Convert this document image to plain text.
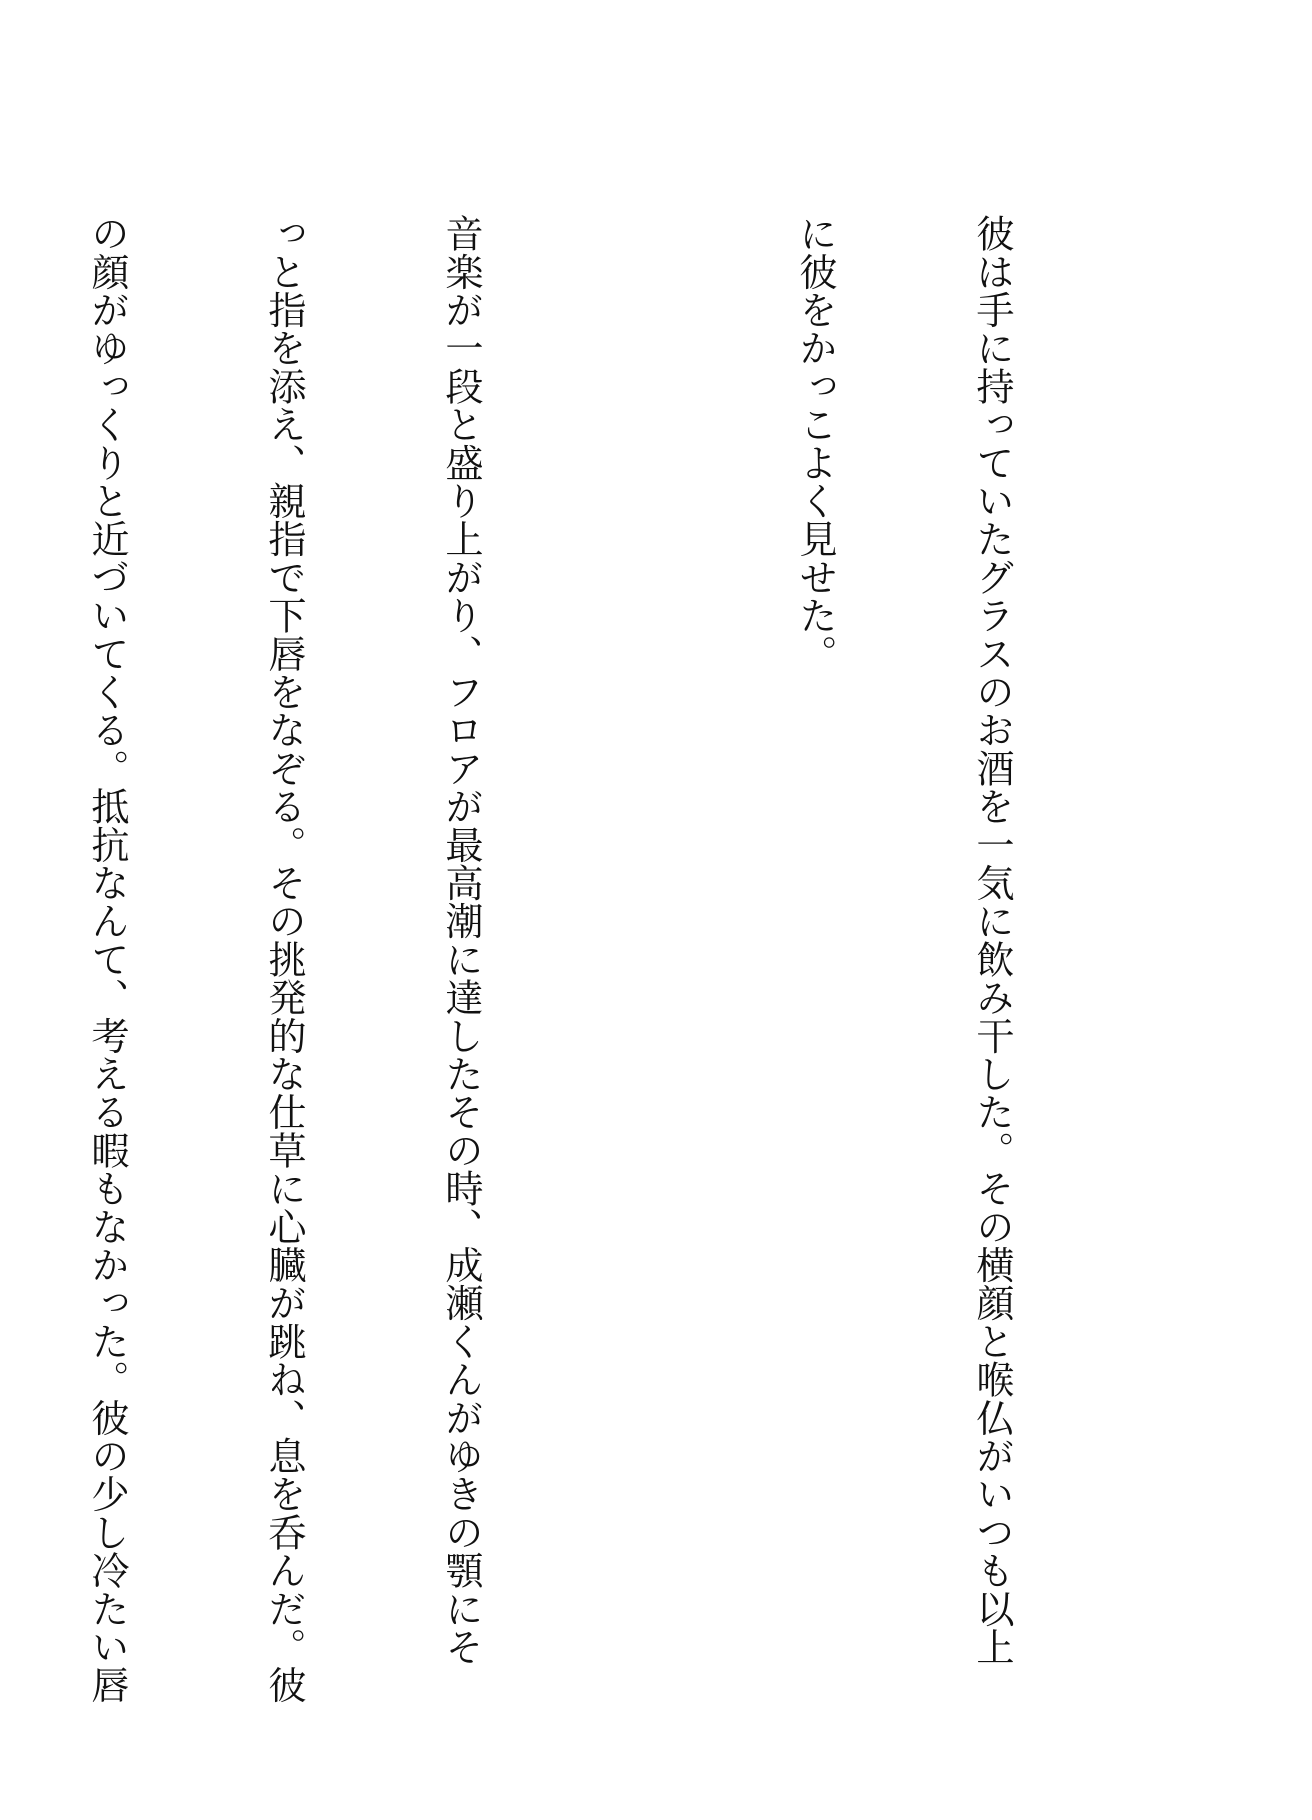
彼は手に持っていたグラスのお酒を一気に飲み干した。その横顔と喉仏がいつも以上

に彼をかっこよく見せた。

音楽が一段と盛り上がり、フロアが最高潮に達したその時、成瀬くんがゆきの顎にそ

っと指を添え、親指で下唇をなぞる。その挑発的な仕草に心臓が跳ね、息を呑んだ。彼

の顔がゆっくりと近づいてくる。抵抗なんて、考える暇もなかった。彼の少し冷たい唇
